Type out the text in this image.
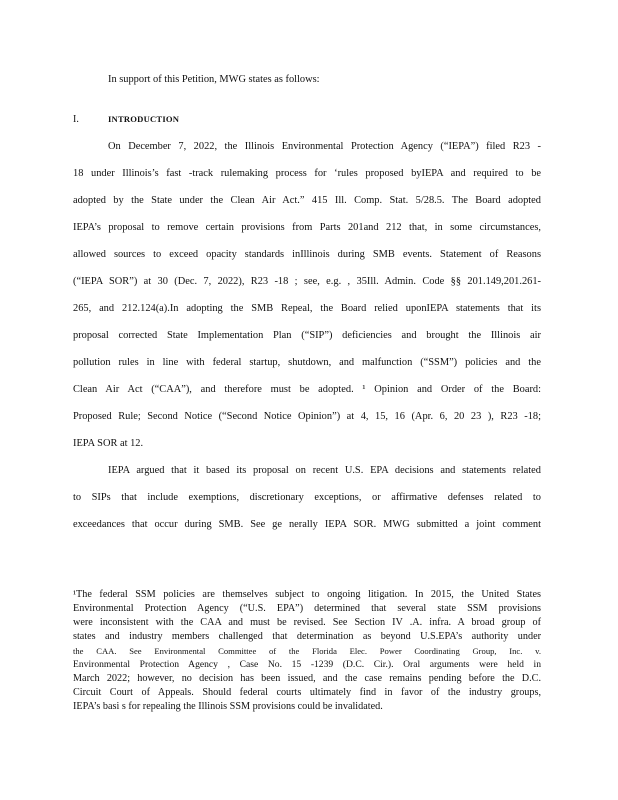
In support of this Petition, MWG states as follows:
I.	INTRODUCTION
On December 7, 2022, the Illinois Environmental Protection Agency (“IEPA”) filed R23 -
18 under Illinois’s fast -track rulemaking process for ‘rules proposed byIEPA and required to be
adopted by the State under the Clean Air Act.” 415 Ill. Comp. Stat. 5/28.5. The Board adopted
IEPA’s proposal to remove certain provisions from Parts 201and 212 that, in some circumstances,
allowed sources to exceed opacity standards inIllinois during SMB events. Statement of Reasons
(“IEPA SOR”) at 30 (Dec. 7, 2022), R23 -18 ; see, e.g. , 35Ill. Admin. Code §§ 201.149,201.261-
265, and 212.124(a).In adopting the SMB Repeal, the Board relied uponIEPA statements that its
proposal corrected State Implementation Plan (“SIP”) deficiencies and brought the Illinois air
pollution rules in line with federal startup, shutdown, and malfunction (“SSM”) policies and the
Clean Air Act (“CAA”), and therefore must be adopted. ¹ Opinion and Order of the Board:
Proposed Rule; Second Notice (“Second Notice Opinion”) at 4, 15, 16 (Apr. 6, 20 23 ), R23 -18;
IEPA SOR at 12.
IEPA argued that it based its proposal on recent U.S. EPA decisions and statements related
to SIPs that include exemptions, discretionary exceptions, or affirmative defenses related to
exceedances that occur during SMB. See ge nerally IEPA SOR. MWG submitted a joint comment
¹The federal SSM policies are themselves subject to ongoing litigation. In 2015, the United States
Environmental Protection Agency (“U.S. EPA”) determined that several state SSM provisions
were inconsistent with the CAA and must be revised. See Section IV .A. infra. A broad group of
states and industry members challenged that determination as beyond U.S.EPA’s authority under
the CAA. See Environmental Committee of the Florida Elec. Power Coordinating Group, Inc. v.
Environmental Protection Agency , Case No. 15 -1239 (D.C. Cir.). Oral arguments were held in
March 2022; however, no decision has been issued, and the case remains pending before the D.C.
Circuit Court of Appeals. Should federal courts ultimately find in favor of the industry groups,
IEPA’s basi s for repealing the Illinois SSM provisions could be invalidated.
